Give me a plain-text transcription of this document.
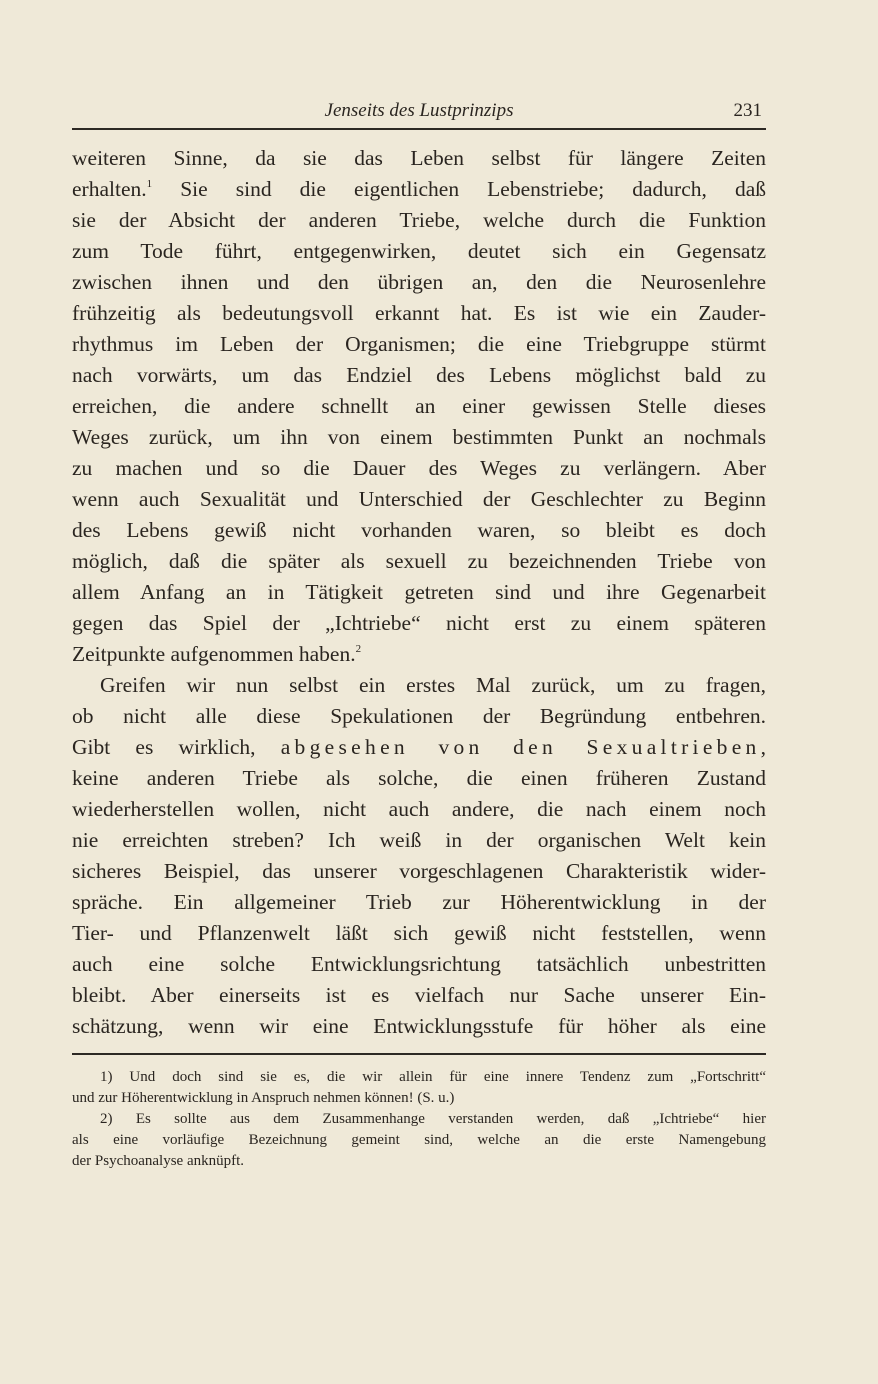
Jenseits des Lustprinzips	231
weiteren Sinne, da sie das Leben selbst für längere Zeiten
erhalten.$^1$ Sie sind die eigentlichen Lebenstriebe; dadurch, daß
sie der Absicht der anderen Triebe, welche durch die Funktion
zum Tode führt, entgegenwirken, deutet sich ein Gegensatz
zwischen ihnen und den übrigen an, den die Neurosenlehre
frühzeitig als bedeutungsvoll erkannt hat. Es ist wie ein Zauder-
rhythmus im Leben der Organismen; die eine Triebgruppe stürmt
nach vorwärts, um das Endziel des Lebens möglichst bald zu
erreichen, die andere schnellt an einer gewissen Stelle dieses
Weges zurück, um ihn von einem bestimmten Punkt an nochmals
zu machen und so die Dauer des Weges zu verlängern. Aber
wenn auch Sexualität und Unterschied der Geschlechter zu Beginn
des Lebens gewiß nicht vorhanden waren, so bleibt es doch
möglich, daß die später als sexuell zu bezeichnenden Triebe von
allem Anfang an in Tätigkeit getreten sind und ihre Gegenarbeit
gegen das Spiel der „Ichtriebe“ nicht erst zu einem späteren
Zeitpunkte aufgenommen haben.$^2$
Greifen wir nun selbst ein erstes Mal zurück, um zu fragen,
ob nicht alle diese Spekulationen der Begründung entbehren.
Gibt es wirklich, abgesehen von den Sexualtrieben,
keine anderen Triebe als solche, die einen früheren Zustand
wiederherstellen wollen, nicht auch andere, die nach einem noch
nie erreichten streben? Ich weiß in der organischen Welt kein
sicheres Beispiel, das unserer vorgeschlagenen Charakteristik wider-
spräche. Ein allgemeiner Trieb zur Höherentwicklung in der
Tier- und Pflanzenwelt läßt sich gewiß nicht feststellen, wenn
auch eine solche Entwicklungsrichtung tatsächlich unbestritten
bleibt. Aber einerseits ist es vielfach nur Sache unserer Ein-
schätzung, wenn wir eine Entwicklungsstufe für höher als eine
1) Und doch sind sie es, die wir allein für eine innere Tendenz zum „Fortschritt“
und zur Höherentwicklung in Anspruch nehmen können! (S. u.)
2) Es sollte aus dem Zusammenhange verstanden werden, daß „Ichtriebe“ hier
als eine vorläufige Bezeichnung gemeint sind, welche an die erste Namengebung
der Psychoanalyse anknüpft.
